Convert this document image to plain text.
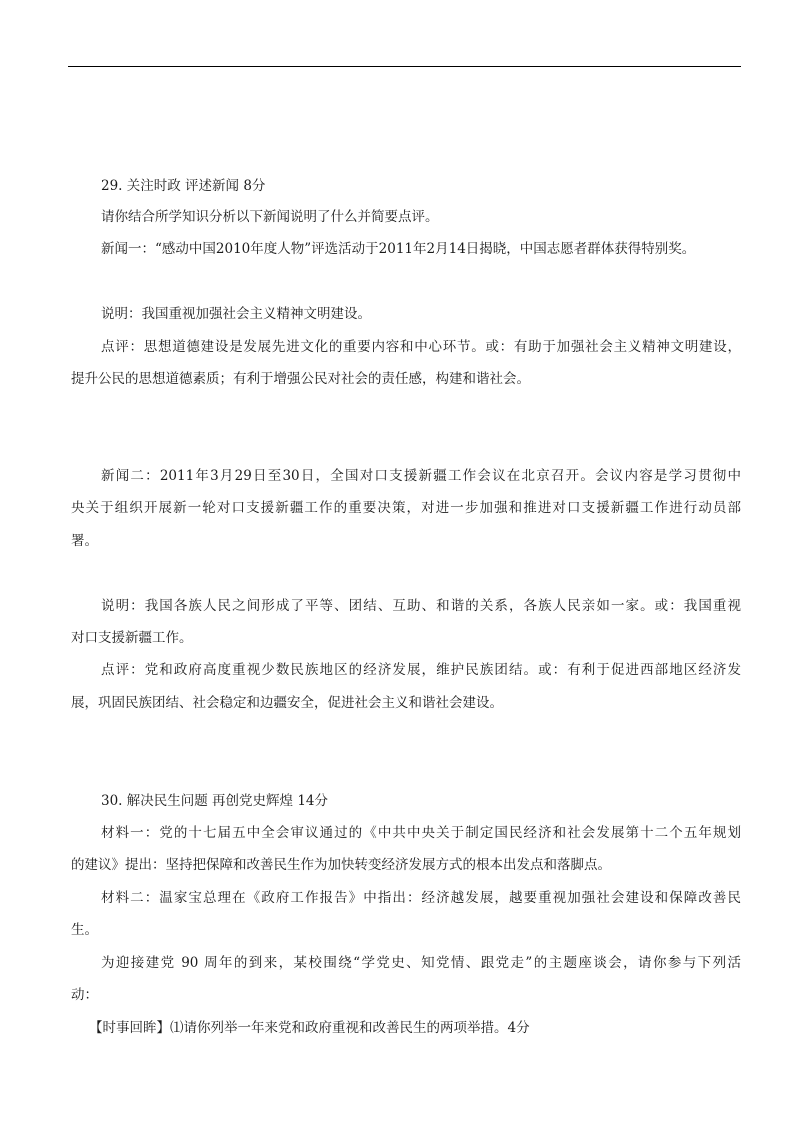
29. 关注时政 评述新闻 8分
请你结合所学知识分析以下新闻说明了什么并简要点评。
新闻一：“感动中国2010年度人物”评选活动于2011年2月14日揭晓，中国志愿者群体获得特别奖。
说明：我国重视加强社会主义精神文明建设。
点评：思想道德建设是发展先进文化的重要内容和中心环节。或：有助于加强社会主义精神文明建设，
提升公民的思想道德素质；有利于增强公民对社会的责任感，构建和谐社会。
新闻二：2011年3月29日至30日，全国对口支援新疆工作会议在北京召开。会议内容是学习贯彻中
央关于组织开展新一轮对口支援新疆工作的重要决策，对进一步加强和推进对口支援新疆工作进行动员部
署。
说明：我国各族人民之间形成了平等、团结、互助、和谐的关系，各族人民亲如一家。或：我国重视
对口支援新疆工作。
点评：党和政府高度重视少数民族地区的经济发展，维护民族团结。或：有利于促进西部地区经济发
展，巩固民族团结、社会稳定和边疆安全，促进社会主义和谐社会建设。
30. 解决民生问题 再创党史辉煌 14分
材料一：党的十七届五中全会审议通过的《中共中央关于制定国民经济和社会发展第十二个五年规划
的建议》提出：坚持把保障和改善民生作为加快转变经济发展方式的根本出发点和落脚点。
材料二：温家宝总理在《政府工作报告》中指出：经济越发展，越要重视加强社会建设和保障改善民
生。
为迎接建党 90 周年的到来，某校围绕“学党史、知党情、跟党走”的主题座谈会，请你参与下列活
动：
【时事回眸】⑴请你列举一年来党和政府重视和改善民生的两项举措。4分
